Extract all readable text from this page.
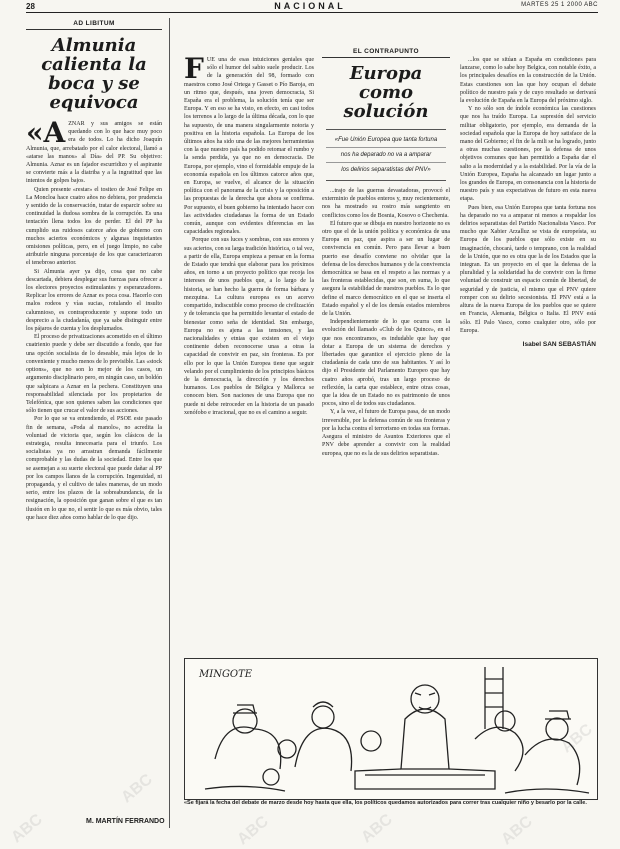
28	NACIONAL	MARTES 25 1 2000 ABC
AD LIBITUM
Almunia calienta la boca y se equivoca
«A ZNAR y sus amigos se están quedando con lo que hace muy poco era de todos. Lo ha dicho Joaquín Almunia, que, arrebatado por el calor electoral, llamó a «atarse las manos» al Día» del PP. Su objetivo: Almunia. Aznar es un fajador escurridizo y el aspirante se convierte más a la diatriba y a la ingratitud que las intentos de golpes bajos.

Quien presente «restar» el tositeo de José Felipe en La Moncloa hace cuatro años no debiera, por prudencia y sentido de la conservación, tratar de esparcir sobre su continuidad la dudosa sombra de la corrupción. Es una tentación llena todos los de perder. El del PP ha cumplido sus ruidosos catorce años de gobierno con muchos aciertos económicos y algunas inquietantes omisiones políticas, pero, en el juego limpio, no cabe atribuirle ninguna porcentaje de los que caracterizaron el tenebroso anterior.

Si Almunia ayer ya dijo, cosa que no cabe descartada, debiera desplegar sus fuerzas para ofrecer a los electores proyectos estimulantes y esperanzadores. Replicar los errores de Aznar es poca cosa. Hacerlo con malos rodeos y vías sucias, rotulando el insulto calumnioso, es contraproducente y supone todo un desprecio a la ciudadanía, que ya sabe distinguir entre los pájaros de cuenta y los desplumados.

El proceso de privatizaciones acometido en el último cuatrienio puede y debe ser discutido a fondo, que fue una opción socialista de lo deseable, más lejos de lo conveniente y mucho menos de lo previsible. Las «stock options», que no son lo mejor de los casos, un argumento disciplinario pero, en ningún caso, un boldón que salpicara a Aznar en la pechera. Constituyen una responsabilidad silenciada por los propietarios de Telefónica, que son quienes saben las condiciones que sólo tienen que crucar el valor de sus acciones.

Por lo que se va entendiendo, el PSOE este pasado fin de semana, «Poda al manolo», no acredita la voluntad de victoria que, según los clásicos de la estrategia, resulta innecesaria para el triunfo. Los socialistas ya no arrastran demanda fácilmente comprobable y las dudas de la sociedad. Entre los que se asemejan a su suerte electoral que puede dañar al PP por los campos llanos de la corrupción. Ingenuidad, ni propaganda, y el cultivo de tales maneras, de un modo serio, entre los plazos de la sobreabundancia, de la resignación, la oposición que ganan sobre el que es tan ilusión en lo que no, el sentir lo que es más obvio, tales que hace diez años como hablar de lo que dijo.

M. MARTÍN FERRANDO
F UE una de esas intuiciones geniales que sólo el humor del sabio suele producir. Los de la generación del 98, formado con maestros como José Ortega y Gasset o Pío Baroja, en un ritmo que, después, una joven democracia, Si España era el problema, la solución tenía que ser Europa. Y en eso se ha visto, en efecto, en casi todos los terrenos a lo largo de la última década, con lo que ha supuesto, de una manera singularmente notoria y positiva en la historia española. La Europa de los últimos años ha sido una de las mejores herramientas con la que nuestro país ha podido retomar el rumbo y la senda perdida, ya que no en democracia. De Europa, por ejemplo, vino el formidable empuje de la economía española en los últimos catorce años que, en Europa, se vuelve, el alcance de la situación política con el panorama de la crisis y la oposición a las propuestas de la derecha que ahora se confirma. Por supuesto, el buen gobierno ha intentado hacer con las actividades ciudadanas la forma de un Estado común, aunque con evidentes diferencias en las capacidades regionales.

Porque con sus luces y sombras, con sus errores y sus aciertos, con su larga tradición histórica, o tal vez, a partir de ella, Europa empieza a pensar en la forma de Estado que tendrá que elaborar para los próximos años, en torno a un proyecto político que recoja los intereses de unos pueblos que, a lo largo de la historia, se han hecho la guerra de forma bárbara y mezquina. La cultura europea es un acervo compartido, indiscutible como proceso de civilización y de tolerancia que ha permitido levantar el estado de bienestar como seña de identidad. Sin embargo, Europa no es ajena a las tensiones, y las nacionalidades y etnias que existen en el viejo continente deben reconocerse unas a otras la capacidad de convivir en paz, sin fronteras. Es por ello por lo que la Unión Europea tiene que seguir velando por el cumplimiento de los principios básicos de la democracia, la dirección y los derechos humanos. Los pueblos de Bélgica y Mallorca se conocen bien. Son naciones de una Europa que no puede ni debe retroceder en la historia de un pasado xenófobo e irracional, que no es el camino a seguir.

EL CONTRAPUNTO
Europa como solución
«Fue Unión Europea que tanta fortuna
nos ha deparado no va a amparar
los delirios separatistas del PNV»

...trajo de las guerras devastadoras, provocó el exterminio de pueblos enteros y, muy recientemente, nos ha mostrado su rostro más sangriento en conflictos como los de Bosnia, Kosovo o Chechenia.

El futuro que se dibuja en nuestro horizonte no es otro que el de la unión política y económica de una Europa en paz, que aspira a ser un lugar de convivencia en común. Pero para llevar a buen puerto ese desafío conviene no olvidar que la defensa de los derechos humanos y de la convivencia democrática se basa en el respeto a las normas y a las fronteras establecidas, que son, en suma, lo que asegura la estabilidad de nuestros pueblos. Es lo que define el marco democrático en el que se inserta el Estado español y el de los demás estados miembros de la Unión.

Independientemente de lo que ocurra con la evolución del llamado «Club de los Quince», en el que nos encontramos, es indudable que hay que dotar a Europa de un sistema de derechos y libertades que garantice el ejercicio pleno de la ciudadanía de cada uno de sus habitantes. Y así lo dijo el Presidente del Parlamento Europeo que hay cuatro años aprobó, tras un largo proceso de reflexión, la carta que establece, entre otras cosas, que la idea de un Estado no es patrimonio de unos pocos, sino el de todos sus ciudadanos.

Y, a la vez, el futuro de Europa pasa, de un modo irreversible, por la defensa común de sus fronteras y por la lucha contra el terrorismo en todas sus formas. Asegura el ministro de Asuntos Exteriores que el PNV debe aprender a convivir con la realidad europea, que no es la de sus delirios separatistas.

...los que se sitúan a España en condiciones para lanzarse, como lo sabe hoy Belgica, con notable éxito, a los principales desafíos en la construcción de la Unión. Estas cuestiones son las que hoy ocupan el debate político de nuestro país y de cuyo resultado se derivará la evolución de España en la Europa del próximo siglo.

Y no sólo son de índole económica las cuestiones que nos ha traído Europa. La supresión del servicio militar obligatorio, por ejemplo, era demanda de la sociedad española que la Europa de hoy satisface de la mano del Gobierno; el fin de la mili se ha logrado, junto a otras muchas cuestiones, por la defensa de unos objetivos comunes que han permitido a España dar el salto a la modernidad y a la estabilidad. Por la vía de la Unión Europea, España ha alcanzado un lugar junto a los grandes de Europa, en consonancia con la historia de nuestro país y sus expectativas de futuro en esta nueva etapa.

Pues bien, esa Unión Europea que tanta fortuna nos ha deparado no va a amparar ni menos a respaldar los delirios separatistas del Partido Nacionalista Vasco. Por mucho que Xabier Arzalluz se vista de europeísta, su Europa de los pueblos que sólo existe en su imaginación, chocará, tarde o temprano, con la realidad de la Unión, que no es otra que la de los Estados que la integran. Es un proyecto en el que la defensa de la pluralidad y la solidaridad ha de convivir con la firme voluntad de construir un espacio común de libertad, de seguridad y de justicia, el mismo que el PNV quiere romper con su delirio secesionista. El PNV está a la altura de la nueva Europa de los pueblos que se quiere en Francia, Alemania, Bélgica o Italia. El PNV está sólo. El Palo Vasco, como cualquier otro, sólo por Europa.

Isabel SAN SEBASTIÁN
MINGOTE
«Se fijará la fecha del debate de marzo desde hoy hasta que ella, los políticos quedamos autorizados para correr tras cualquier niño y besarlo por la calle.
ABC
ABC
ABC	ABC	ABC
ABC
